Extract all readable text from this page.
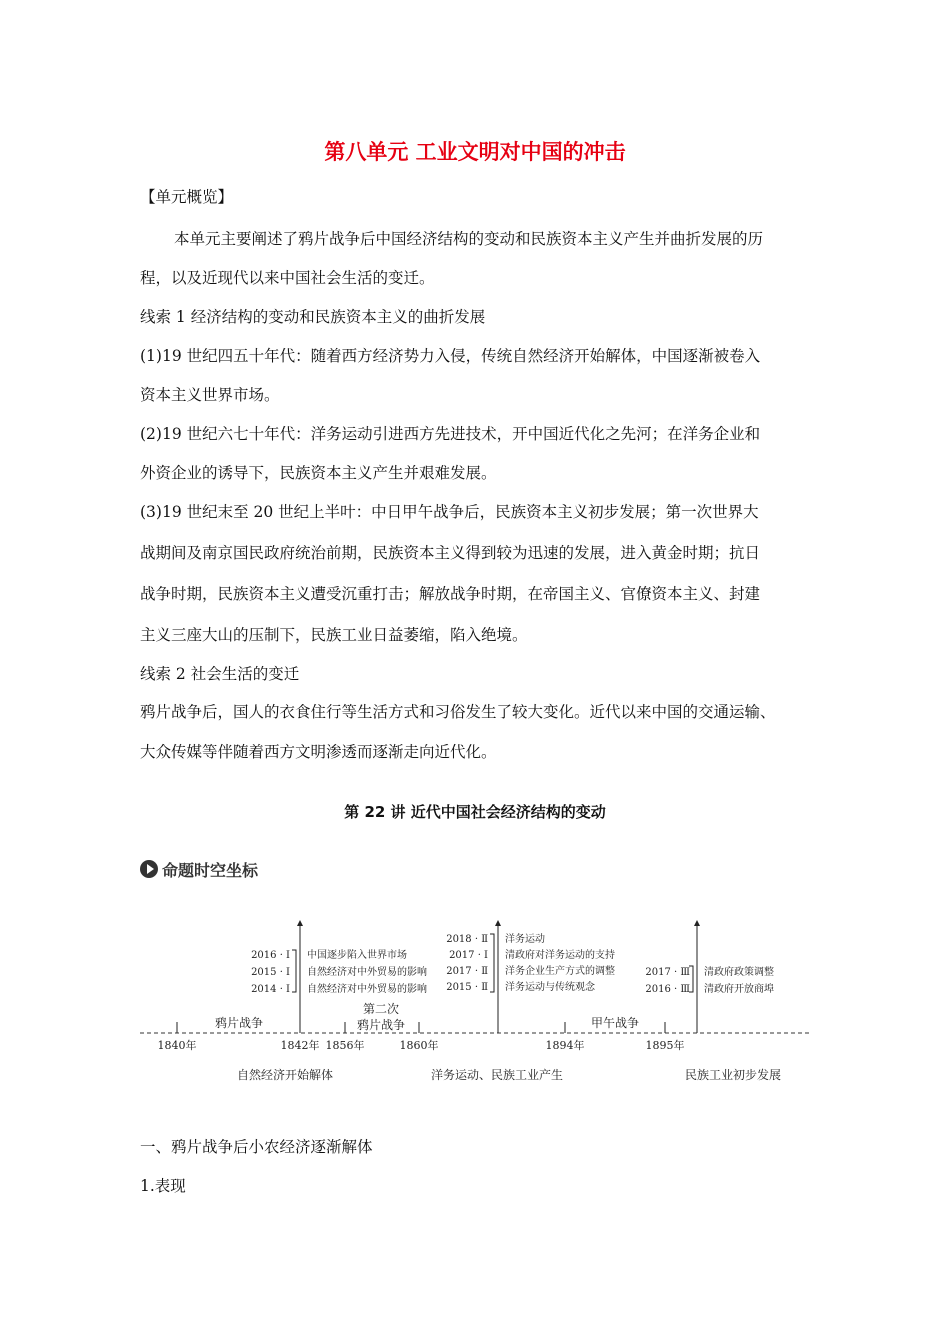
第八单元 工业文明对中国的冲击
【单元概览】
本单元主要阐述了鸦片战争后中国经济结构的变动和民族资本主义产生并曲折发展的历
程，以及近现代以来中国社会生活的变迁。
线索 1 经济结构的变动和民族资本主义的曲折发展
(1)19 世纪四五十年代：随着西方经济势力入侵，传统自然经济开始解体，中国逐渐被卷入
资本主义世界市场。
(2)19 世纪六七十年代：洋务运动引进西方先进技术，开中国近代化之先河；在洋务企业和
外资企业的诱导下，民族资本主义产生并艰难发展。
(3)19 世纪末至 20 世纪上半叶：中日甲午战争后，民族资本主义初步发展；第一次世界大
战期间及南京国民政府统治前期，民族资本主义得到较为迅速的发展，进入黄金时期；抗日
战争时期，民族资本主义遭受沉重打击；解放战争时期，在帝国主义、官僚资本主义、封建
主义三座大山的压制下，民族工业日益萎缩，陷入绝境。
线索 2 社会生活的变迁
鸦片战争后，国人的衣食住行等生活方式和习俗发生了较大变化。近代以来中国的交通运输、
大众传媒等伴随着西方文明渗透而逐渐走向近代化。
第 22 讲 近代中国社会经济结构的变动
命题时空坐标
鸦片战争
第二次
鸦片战争	甲午战争
1840年	1842年 1856年	1860年	1894年	1895年
2016 · Ⅰ
2015 · Ⅰ
2014 · Ⅰ
中国逐步陷入世界市场
自然经济对中外贸易的影响
自然经济对中外贸易的影响
2018 · Ⅱ
2017 · Ⅰ
2017 · Ⅱ
2015 · Ⅱ
洋务运动
清政府对洋务运动的支持
洋务企业生产方式的调整
洋务运动与传统观念
2017 · Ⅲ
2016 · Ⅲ
清政府政策调整
清政府开放商埠
自然经济开始解体	洋务运动、民族工业产生	民族工业初步发展
一、鸦片战争后小农经济逐渐解体
1.表现
